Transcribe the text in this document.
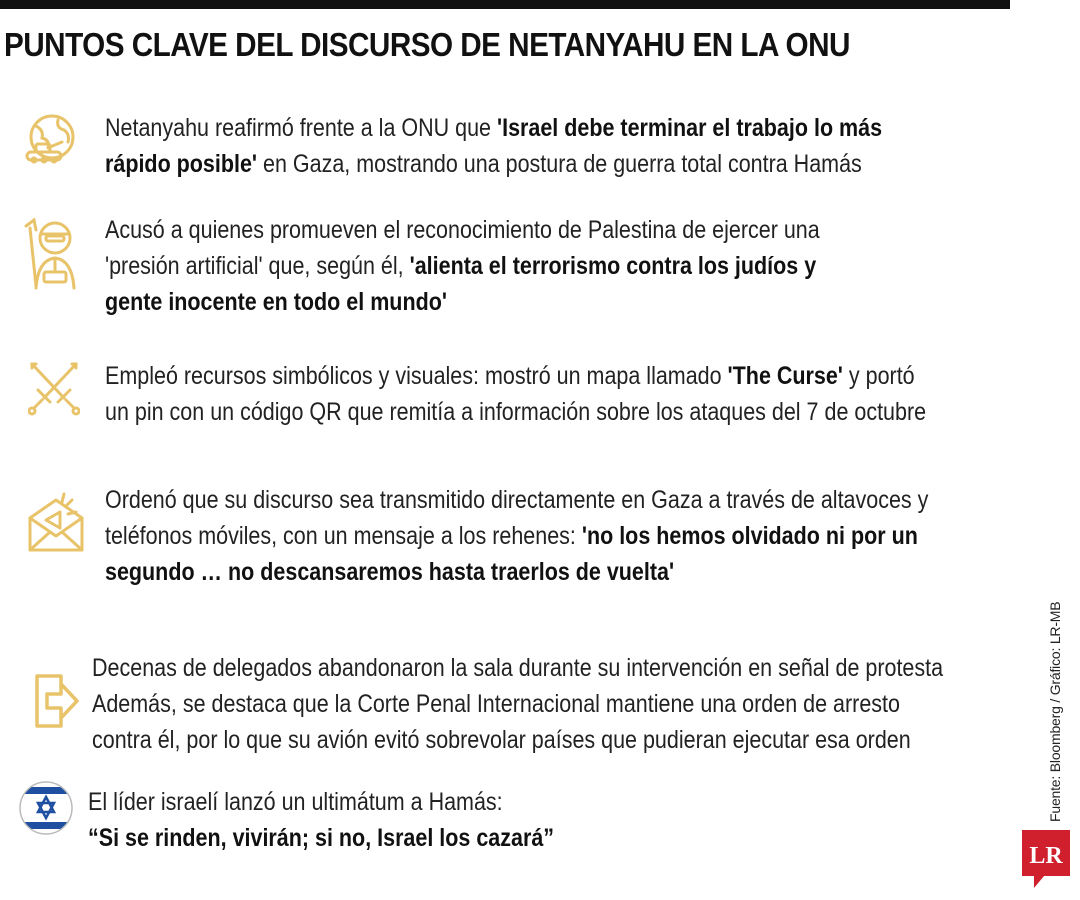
PUNTOS CLAVE DEL DISCURSO DE NETANYAHU EN LA ONU

Netanyahu reafirmó frente a la ONU que 'Israel debe terminar el trabajo lo más

rápido posible' en Gaza, mostrando una postura de guerra total contra Hamás

Acusó a quienes promueven el reconocimiento de Palestina de ejercer una

'presión artificial' que, según él, 'alienta el terrorismo contra los judíos y

gente inocente en todo el mundo'

Empleó recursos simbólicos y visuales: mostró un mapa llamado 'The Curse' y portó

un pin con un código QR que remitía a información sobre los ataques del 7 de octubre

Ordenó que su discurso sea transmitido directamente en Gaza a través de altavoces y

teléfonos móviles, con un mensaje a los rehenes: 'no los hemos olvidado ni por un

segundo … no descansaremos hasta traerlos de vuelta'

Decenas de delegados abandonaron la sala durante su intervención en señal de protesta

Además, se destaca que la Corte Penal Internacional mantiene una orden de arresto

contra él, por lo que su avión evitó sobrevolar países que pudieran ejecutar esa orden

El líder israelí lanzó un ultimátum a Hamás:

“Si se rinden, vivirán; si no, Israel los cazará”

Fuente: Bloomberg / Gráfico: LR-MB
LR
